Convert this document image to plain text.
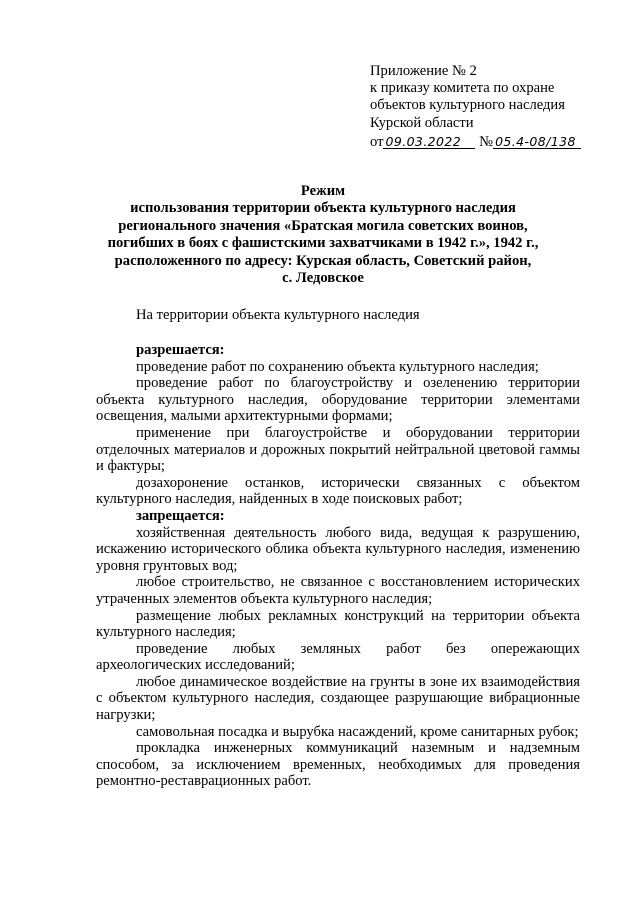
Приложение № 2
к приказу комитета по охране
объектов культурного наследия
Курской области
от 09.03.2022 № 05.4-08/138
Режим
использования территории объекта культурного наследия
регионального значения «Братская могила советских воинов,
погибших в боях с фашистскими захватчиками в 1942 г.», 1942 г.,
расположенного по адресу: Курская область, Советский район,
с. Ледовское
На территории объекта культурного наследия
разрешается:

проведение работ по сохранению объекта культурного наследия;

проведение работ по благоустройству и озеленению территории объекта культурного наследия, оборудование территории элементами освещения, малыми архитектурными формами;

применение при благоустройстве и оборудовании территории отделочных материалов и дорожных покрытий нейтральной цветовой гаммы и фактуры;

дозахоронение останков, исторически связанных с объектом культурного наследия, найденных в ходе поисковых работ;

запрещается:

хозяйственная деятельность любого вида, ведущая к разрушению, искажению исторического облика объекта культурного наследия, изменению уровня грунтовых вод;

любое строительство, не связанное с восстановлением исторических утраченных элементов объекта культурного наследия;

размещение любых рекламных конструкций на территории объекта культурного наследия;

проведение любых земляных работ без опережающих археологических исследований;

любое динамическое воздействие на грунты в зоне их взаимодействия с объектом культурного наследия, создающее разрушающие вибрационные нагрузки;

самовольная посадка и вырубка насаждений, кроме санитарных рубок;

прокладка инженерных коммуникаций наземным и надземным способом, за исключением временных, необходимых для проведения ремонтно-реставрационных работ.
